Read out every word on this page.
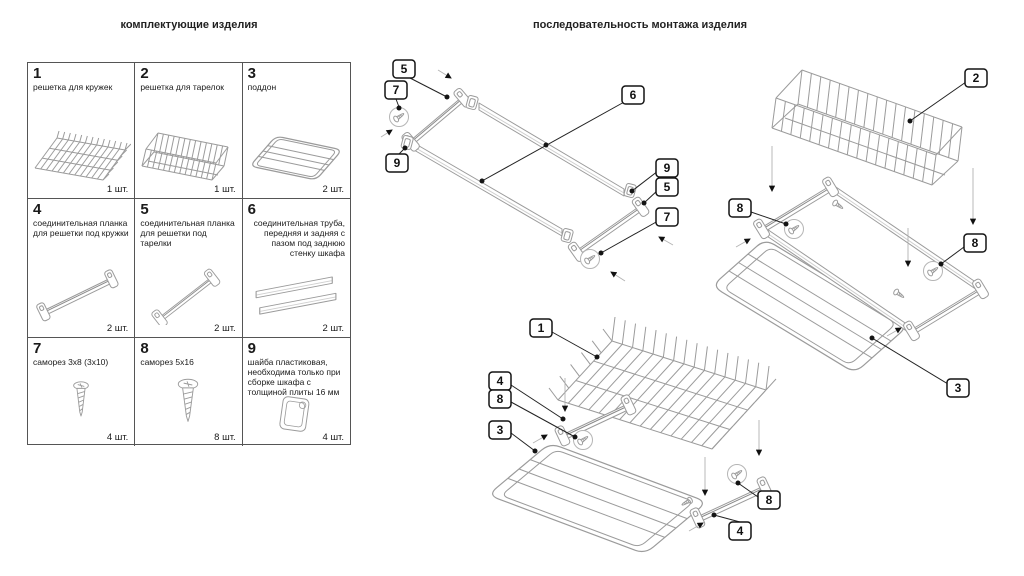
комплектующие изделия	последовательность монтажа изделия
1
решетка для кружек
1 шт.
2
решетка для тарелок
1 шт.
3
поддон
2 шт.
4
соединительная планка для решетки под кружки
2 шт.
5
соединительная планка для решетки под тарелки
2 шт.
6
соединительная труба, передняя и задняя с пазом под заднюю стенку шкафа
2 шт.
7
саморез 3x8 (3x10)
4 шт.
8
саморез 5x16
8 шт.
9
шайба пластиковая, необходима только при сборке шкафа с толщиной плиты 16 мм
4 шт.
5
7
9
6
9
5
7
2
8
8
3
1
4
8
3
8
4
